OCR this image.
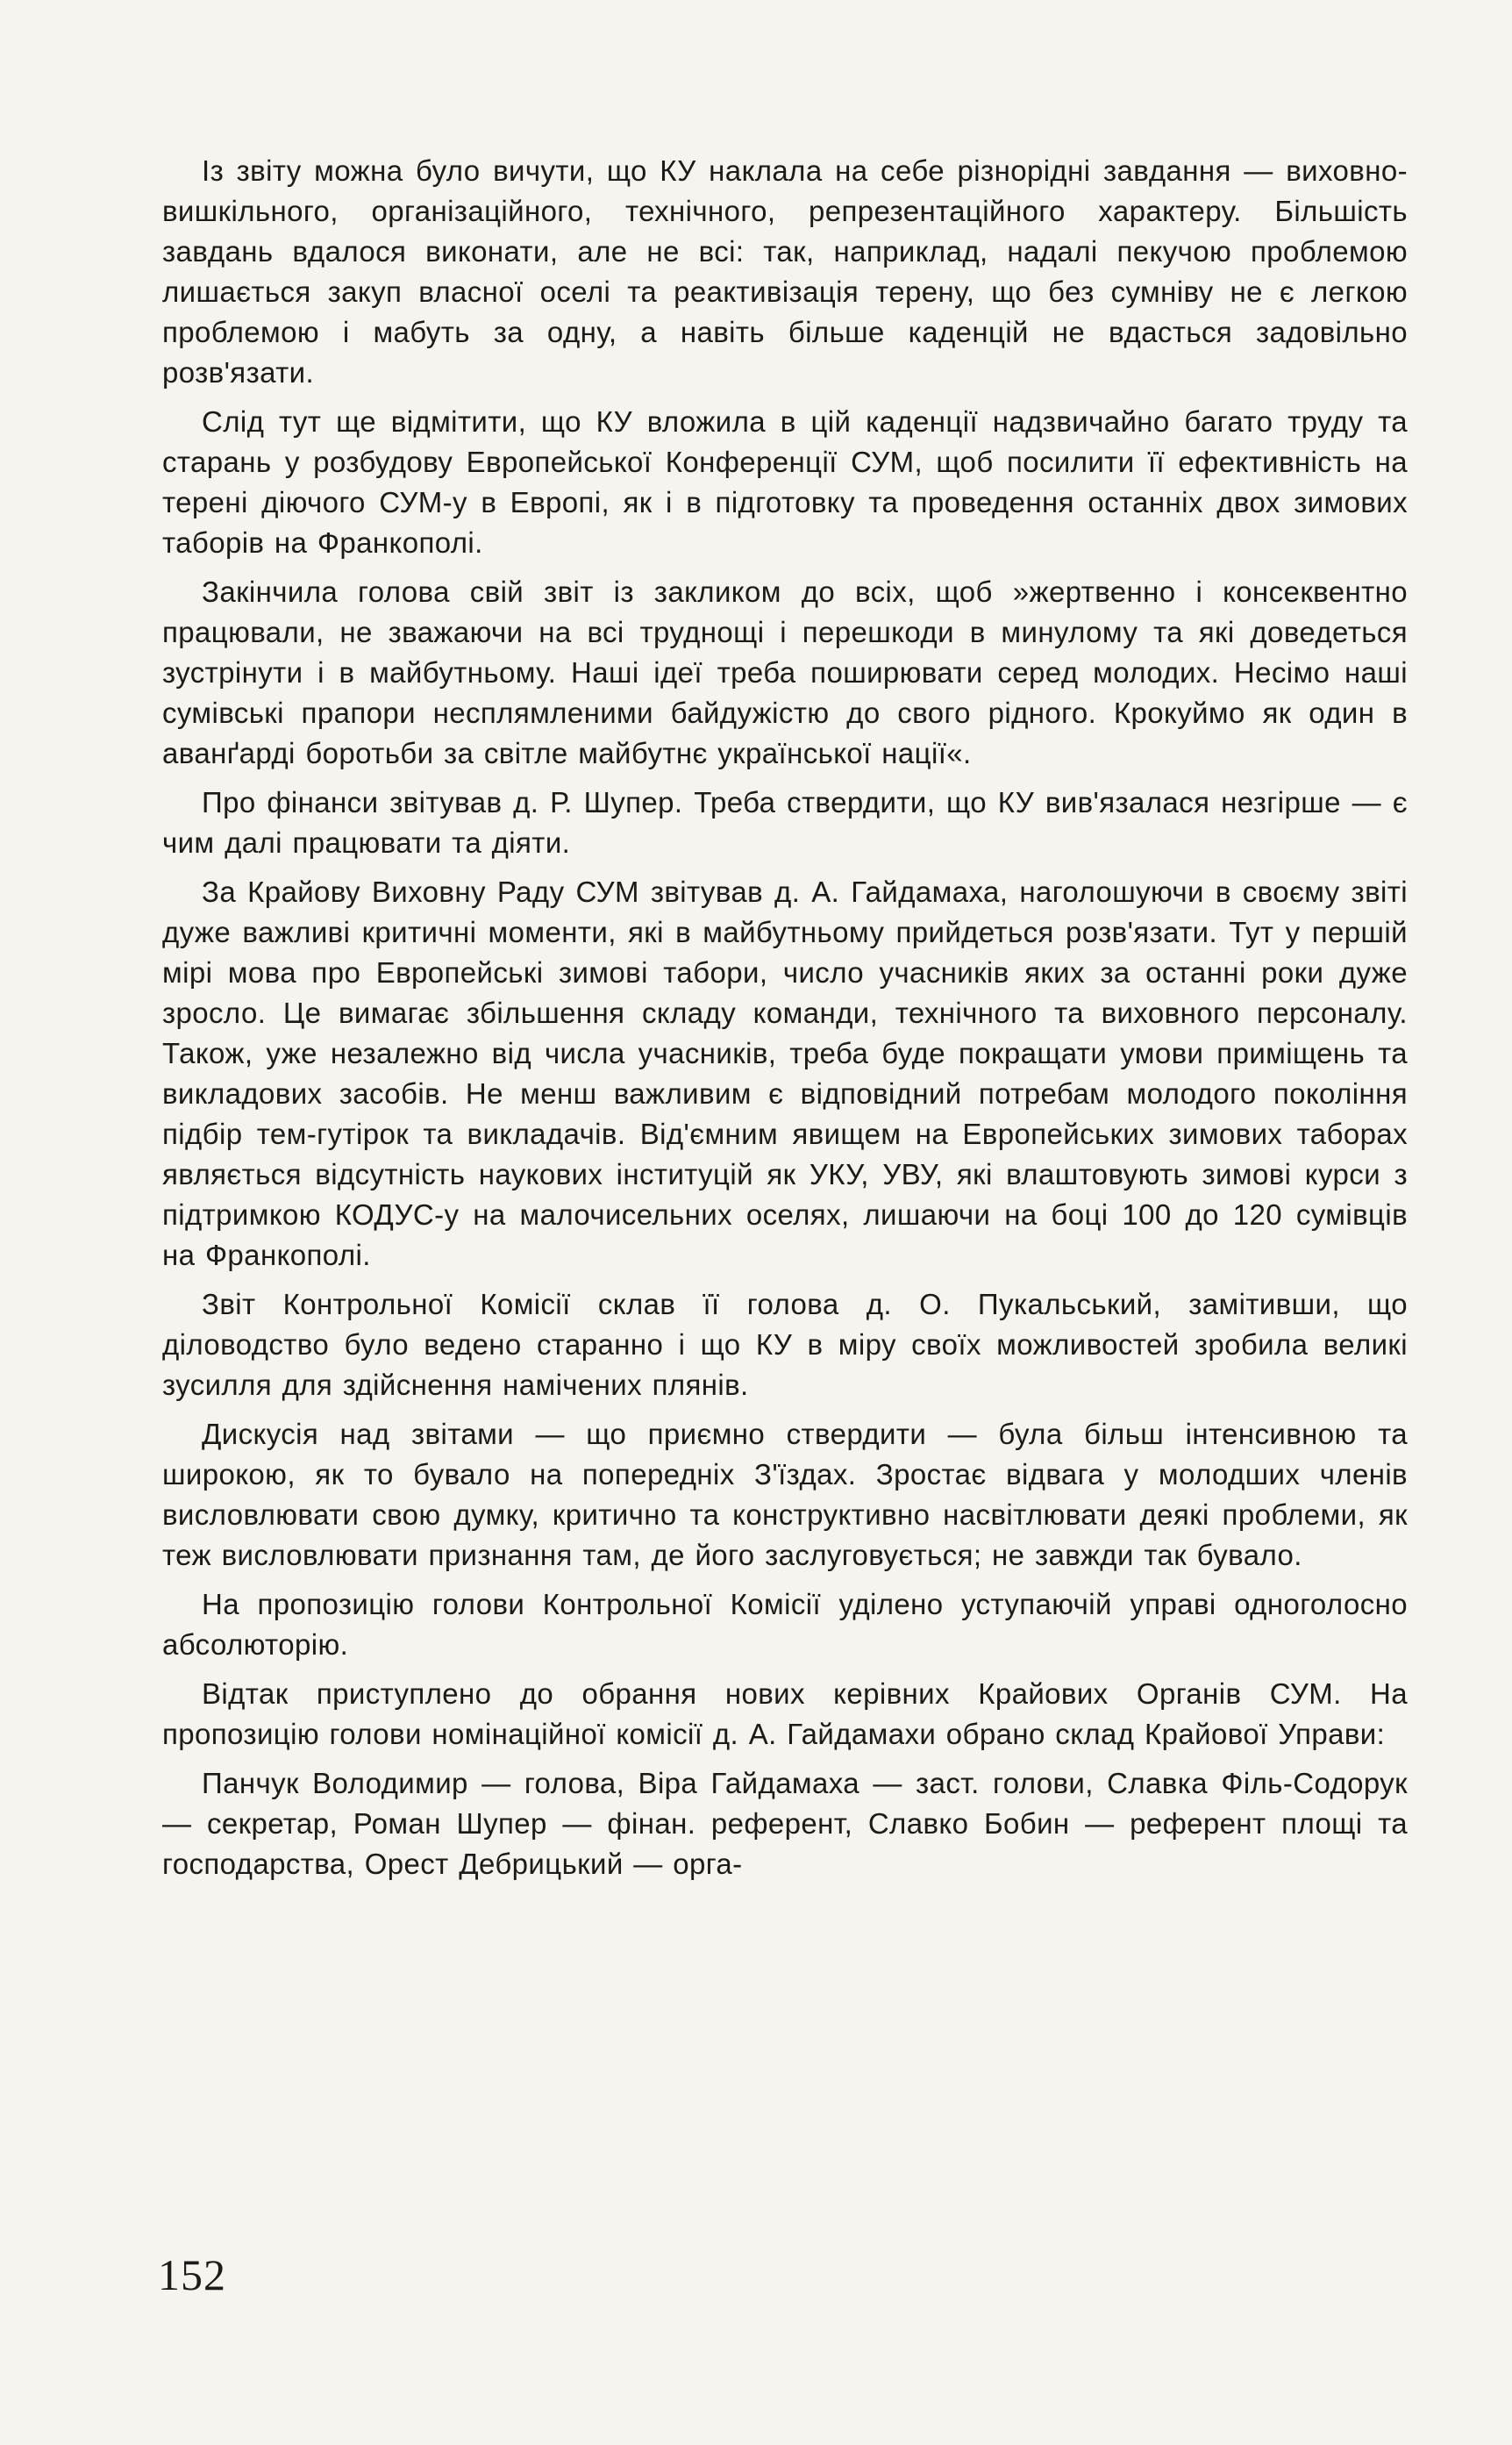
Із звіту можна було вичути, що КУ наклала на себе різнорідні завдання — виховно-вишкільного, організаційного, технічного, репрезентаційного характеру. Більшість завдань вдалося виконати, але не всі: так, наприклад, надалі пекучою проблемою лишається закуп власної оселі та реактивізація терену, що без сумніву не є легкою проблемою і мабуть за одну, а навіть більше каденцій не вдасться задовільно розв'язати.

Слід тут ще відмітити, що КУ вложила в цій каденції надзвичайно багато труду та старань у розбудову Европейської Конференції СУМ, щоб посилити її ефективність на терені діючого СУМ-у в Европі, як і в підготовку та проведення останніх двох зимових таборів на Франкополі.

Закінчила голова свій звіт із закликом до всіх, щоб »жертвенно і консеквентно працювали, не зважаючи на всі труднощі і перешкоди в минулому та які доведеться зустрінути і в майбутньому. Наші ідеї треба поширювати серед молодих. Несімо наші сумівські прапори несплямленими байдужістю до свого рідного. Крокуймо як один в аванґарді боротьби за світле майбутнє української нації«.

Про фінанси звітував д. Р. Шупер. Треба ствердити, що КУ вив'язалася незгірше — є чим далі працювати та діяти.

За Крайову Виховну Раду СУМ звітував д. А. Гайдамаха, наголошуючи в своєму звіті дуже важливі критичні моменти, які в майбутньому прийдеться розв'язати. Тут у першій мірі мова про Европейські зимові табори, число учасників яких за останні роки дуже зросло. Це вимагає збільшення складу команди, технічного та виховного персоналу. Також, уже незалежно від числа учасників, треба буде покращати умови приміщень та викладових засобів. Не менш важливим є відповідний потребам молодого покоління підбір тем-гутірок та викладачів. Від'ємним явищем на Европейських зимових таборах являється відсутність наукових інституцій як УКУ, УВУ, які влаштовують зимові курси з підтримкою КОДУС-у на малочисельних оселях, лишаючи на боці 100 до 120 сумівців на Франкополі.

Звіт Контрольної Комісії склав її голова д. О. Пукальський, замітивши, що діловодство було ведено старанно і що КУ в міру своїх можливостей зробила великі зусилля для здійснення намічених плянів.

Дискусія над звітами — що приємно ствердити — була більш інтенсивною та широкою, як то бувало на попередніх З'їздах. Зростає відвага у молодших членів висловлювати свою думку, критично та конструктивно насвітлювати деякі проблеми, як теж висловлювати признання там, де його заслуговується; не завжди так бувало.

На пропозицію голови Контрольної Комісії уділено уступаючій управі одноголосно абсолюторію.

Відтак приступлено до обрання нових керівних Крайових Органів СУМ. На пропозицію голови номінаційної комісії д. А. Гайдамахи обрано склад Крайової Управи:

Панчук Володимир — голова, Віра Гайдамаха — заст. голови, Славка Філь-Содорук — секретар, Роман Шупер — фінан. референт, Славко Бобин — референт площі та господарства, Орест Дебрицький — орга-

152
